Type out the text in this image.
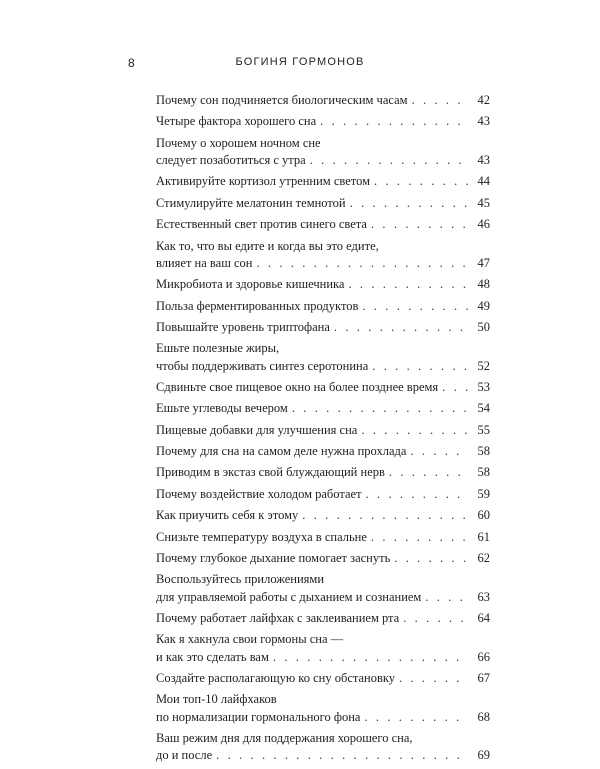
8	БОГИНЯ ГОРМОНОВ
Почему сон подчиняется биологическим часам . . .	42
Четыре фактора хорошего сна . . .	43
Почему о хорошем ночном сне
следует позаботиться с утра . . .	43
Активируйте кортизол утренним светом . . .	44
Стимулируйте мелатонин темнотой . . .	45
Естественный свет против синего света . . .	46
Как то, что вы едите и когда вы это едите,
влияет на ваш сон . . .	47
Микробиота и здоровье кишечника . . .	48
Польза ферментированных продуктов . . .	49
Повышайте уровень триптофана . . .	50
Ешьте полезные жиры,
чтобы поддерживать синтез серотонина . . .	52
Сдвиньте свое пищевое окно на более позднее время . . .	53
Ешьте углеводы вечером . . .	54
Пищевые добавки для улучшения сна . . .	55
Почему для сна на самом деле нужна прохлада . . .	58
Приводим в экстаз свой блуждающий нерв . . .	58
Почему воздействие холодом работает . . .	59
Как приучить себя к этому . . .	60
Снизьте температуру воздуха в спальне . . .	61
Почему глубокое дыхание помогает заснуть . . .	62
Воспользуйтесь приложениями
для управляемой работы с дыханием и сознанием . . .	63
Почему работает лайфхак с заклеиванием рта . . .	64
Как я хакнула свои гормоны сна —
и как это сделать вам . . .	66
Создайте располагающую ко сну обстановку . . .	67
Мои топ-10 лайфхаков
по нормализации гормонального фона . . .	68
Ваш режим дня для поддержания хорошего сна,
до и после . . .	69
